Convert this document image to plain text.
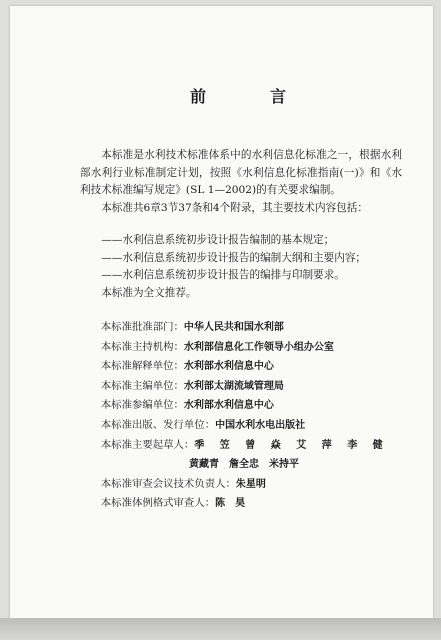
前　言

本标准是水利技术标准体系中的水利信息化标准之一，根据水利部水利行业标准制定计划，按照《水利信息化标准指南(一)》和《水利技术标准编写规定》(SL 1—2002)的有关要求编制。

本标准共6章3节37条和4个附录，其主要技术内容包括：

——水利信息系统初步设计报告编制的基本规定；
——水利信息系统初步设计报告的编制大纲和主要内容；
——水利信息系统初步设计报告的编排与印制要求。
本标准为全文推荐。
本标准批准部门：中华人民共和国水利部
本标准主持机构：水利部信息化工作领导小组办公室
本标准解释单位：水利部水利信息中心
本标准主编单位：水利部太湖流域管理局
本标准参编单位：水利部水利信息中心
本标准出版、发行单位：中国水利水电出版社
本标准主要起草人：季 笠 曾 焱 艾 萍 李 健
黄藏青　詹全忠　米持平
本标准审查会议技术负责人：朱星明
本标准体例格式审查人：陈　昊
